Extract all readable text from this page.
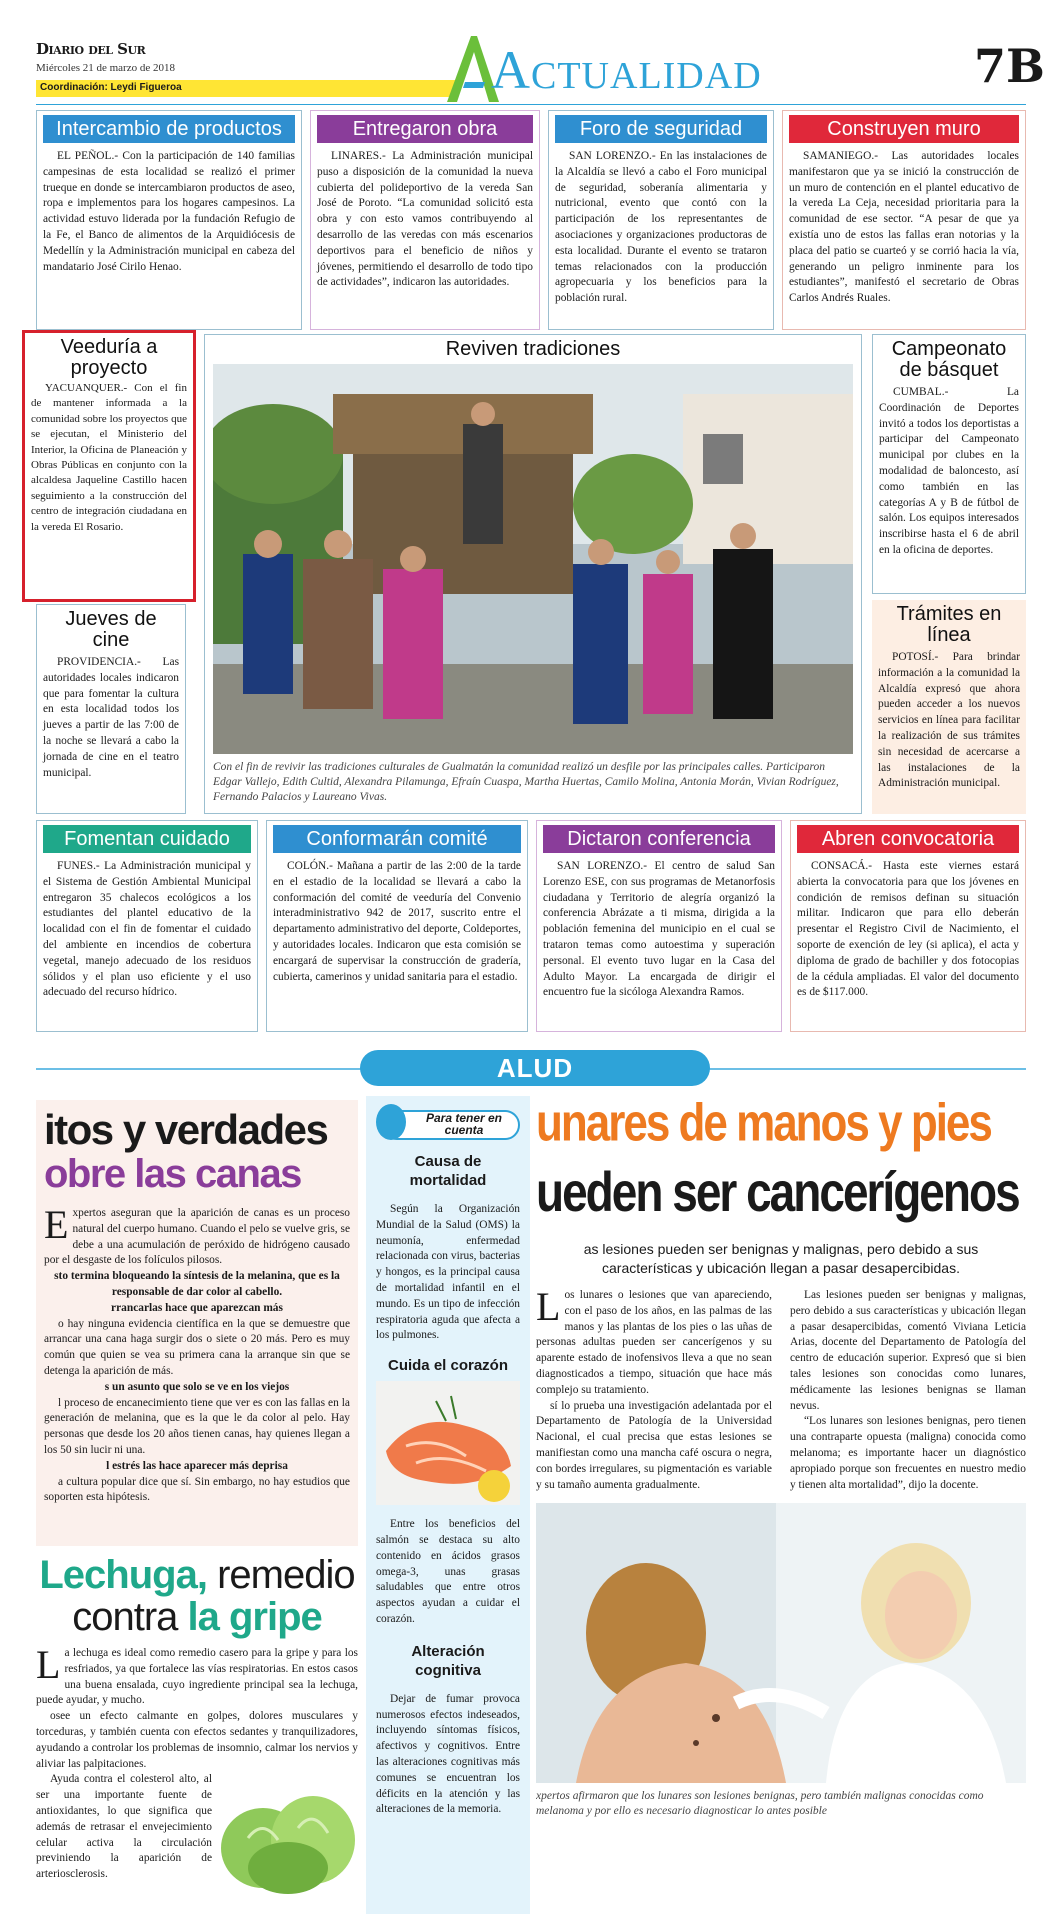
Diario del Sur
Miércoles 21 de marzo de 2018
Coordinación: Leydi Figueroa	Actualidad	7B
Intercambio de productos
EL PEÑOL.- Con la participación de 140 familias campesinas de esta localidad se realizó el primer trueque en donde se intercambiaron productos de aseo, ropa e implementos para los hogares campesinos. La actividad estuvo liderada por la fundación Refugio de la Fe, el Banco de alimentos de la Arquidiócesis de Medellín y la Administración municipal en cabeza del mandatario José Cirilo Henao.
Entregaron obra
LINARES.- La Administración municipal puso a disposición de la comunidad la nueva cubierta del polideportivo de la vereda San José de Poroto. “La comunidad solicitó esta obra y con esto vamos contribuyendo al desarrollo de las veredas con más escenarios deportivos para el beneficio de niños y jóvenes, permitiendo el desarrollo de todo tipo de actividades”, indicaron las autoridades.
Foro de seguridad
SAN LORENZO.- En las instalaciones de la Alcaldía se llevó a cabo el Foro municipal de seguridad, soberanía alimentaria y nutricional, evento que contó con la participación de los representantes de asociaciones y organizaciones productoras de esta localidad. Durante el evento se trataron temas relacionados con la producción agropecuaria y los beneficios para la población rural.
Construyen muro
SAMANIEGO.- Las autoridades locales manifestaron que ya se inició la construcción de un muro de contención en el plantel educativo de la vereda La Ceja, necesidad prioritaria para la comunidad de ese sector. “A pesar de que ya existía uno de estos las fallas eran notorias y la placa del patio se cuarteó y se corrió hacia la vía, generando un peligro inminente para los estudiantes”, manifestó el secretario de Obras Carlos Andrés Ruales.
Veeduría a proyecto
YACUANQUER.- Con el fin de mantener informada a la comunidad sobre los proyectos que se ejecutan, el Ministerio del Interior, la Oficina de Planeación y Obras Públicas en conjunto con la alcaldesa Jaqueline Castillo hacen seguimiento a la construcción del centro de integración ciudadana en la vereda El Rosario.
Jueves de cine
PROVIDENCIA.- Las autoridades locales indicaron que para fomentar la cultura en esta localidad todos los jueves a partir de las 7:00 de la noche se llevará a cabo la jornada de cine en el teatro municipal.
Reviven tradiciones
Con el fin de revivir las tradiciones culturales de Gualmatán la comunidad realizó un desfile por las principales calles. Participaron Edgar Vallejo, Edith Cultid, Alexandra Pilamunga, Efraín Cuaspa, Martha Huertas, Camilo Molina, Antonia Morán, Vivian Rodríguez, Fernando Palacios y Laureano Vivas.
Campeonato de básquet
CUMBAL.- La Coordinación de Deportes invitó a todos los deportistas a participar del Campeonato municipal por clubes en la modalidad de baloncesto, así como también en las categorías A y B de fútbol de salón. Los equipos interesados inscribirse hasta el 6 de abril en la oficina de deportes.
Trámites en línea
POTOSÍ.- Para brindar información a la comunidad la Alcaldía expresó que ahora pueden acceder a los nuevos servicios en línea para facilitar la realización de sus trámites sin necesidad de acercarse a las instalaciones de la Administración municipal.
Fomentan cuidado
FUNES.- La Administración municipal y el Sistema de Gestión Ambiental Municipal entregaron 35 chalecos ecológicos a los estudiantes del plantel educativo de la localidad con el fin de fomentar el cuidado del ambiente en incendios de cobertura vegetal, manejo adecuado de los residuos sólidos y el plan uso eficiente y el uso adecuado del recurso hídrico.
Conformarán comité
COLÓN.- Mañana a partir de las 2:00 de la tarde en el estadio de la localidad se llevará a cabo la conformación del comité de veeduría del Convenio interadministrativo 942 de 2017, suscrito entre el departamento administrativo del deporte, Coldeportes, y autoridades locales. Indicaron que esta comisión se encargará de supervisar la construcción de gradería, cubierta, camerinos y unidad sanitaria para el estadio.
Dictaron conferencia
SAN LORENZO.- El centro de salud San Lorenzo ESE, con sus programas de Metanorfosis ciudadana y Territorio de alegría organizó la conferencia Abrázate a ti misma, dirigida a la población femenina del municipio en el cual se trataron temas como autoestima y superación personal. El evento tuvo lugar en la Casa del Adulto Mayor. La encargada de dirigir el encuentro fue la sicóloga Alexandra Ramos.
Abren convocatoria
CONSACÁ.- Hasta este viernes estará abierta la convocatoria para que los jóvenes en condición de remisos definan su situación militar. Indicaron que para ello deberán presentar el Registro Civil de Nacimiento, el soporte de exención de ley (si aplica), el acta y diploma de grado de bachiller y dos fotocopias de la cédula ampliadas. El valor del documento es de $117.000.
ALUD
itos y verdades
obre las canas
Expertos aseguran que la aparición de canas es un proceso natural del cuerpo humano. Cuando el pelo se vuelve gris, se debe a una acumulación de peróxido de hidrógeno causado por el desgaste de los folículos pilosos.
sto termina bloqueando la síntesis de la melanina, que es la responsable de dar color al cabello.
rrancarlas hace que aparezcan más
o hay ninguna evidencia científica en la que se demuestre que arrancar una cana haga surgir dos o siete o 20 más. Pero es muy común que quien se vea su primera cana la arranque sin que se detenga la aparición de más.
s un asunto que solo se ve en los viejos
l proceso de encanecimiento tiene que ver es con las fallas en la generación de melanina, que es la que le da color al pelo. Hay personas que desde los 20 años tienen canas, hay quienes llegan a los 50 sin lucir ni una.
l estrés las hace aparecer más deprisa
a cultura popular dice que sí. Sin embargo, no hay estudios que soporten esta hipótesis.
Lechuga, remedio
contra la gripe
La lechuga es ideal como remedio casero para la gripe y para los resfriados, ya que fortalece las vías respiratorias. En estos casos una buena ensalada, cuyo ingrediente principal sea la lechuga, puede ayudar, y mucho.
osee un efecto calmante en golpes, dolores musculares y torceduras, y también cuenta con efectos sedantes y tranquilizadores, ayudando a controlar los problemas de insomnio, calmar los nervios y aliviar las palpitaciones.
Ayuda contra el colesterol alto, al ser una importante fuente de antioxidantes, lo que significa que además de retrasar el envejecimiento celular activa la circulación previniendo la aparición de arteriosclerosis.
Para tener en cuenta
Causa de mortalidad
Según la Organización Mundial de la Salud (OMS) la neumonía, enfermedad relacionada con virus, bacterias y hongos, es la principal causa de mortalidad infantil en el mundo. Es un tipo de infección respiratoria aguda que afecta a los pulmones.
Cuida el corazón
Entre los beneficios del salmón se destaca su alto contenido en ácidos grasos omega-3, unas grasas saludables que entre otros aspectos ayudan a cuidar el corazón.
Alteración cognitiva
Dejar de fumar provoca numerosos efectos indeseados, incluyendo síntomas físicos, afectivos y cognitivos. Entre las alteraciones cognitivas más comunes se encuentran los déficits en la atención y las alteraciones de la memoria.
unares de manos y pies
ueden ser cancerígenos
as lesiones pueden ser benignas y malignas, pero debido a sus características y ubicación llegan a pasar desapercibidas.
Los lunares o lesiones que van apareciendo, con el paso de los años, en las palmas de las manos y las plantas de los pies o las uñas de personas adultas pueden ser cancerígenos y su aparente estado de inofensivos lleva a que no sean diagnosticados a tiempo, situación que hace más complejo su tratamiento.
sí lo prueba una investigación adelantada por el Departamento de Patología de la Universidad Nacional, el cual precisa que estas lesiones se manifiestan como una mancha café oscura o negra, con bordes irregulares, su pigmentación es variable y su tamaño aumenta gradualmente.
Las lesiones pueden ser benignas y malignas, pero debido a sus características y ubicación llegan a pasar desapercibidas, comentó Viviana Leticia Arias, docente del Departamento de Patología del centro de educación superior. Expresó que si bien tales lesiones son conocidas como lunares, médicamente las lesiones benignas se llaman nevus.
“Los lunares son lesiones benignas, pero tienen una contraparte opuesta (maligna) conocida como melanoma; es importante hacer un diagnóstico apropiado porque son frecuentes en nuestro medio y tienen alta mortalidad”, dijo la docente.
xpertos afirmaron que los lunares son lesiones benignas, pero también malignas conocidas como melanoma y por ello es necesario diagnosticar lo antes posible
